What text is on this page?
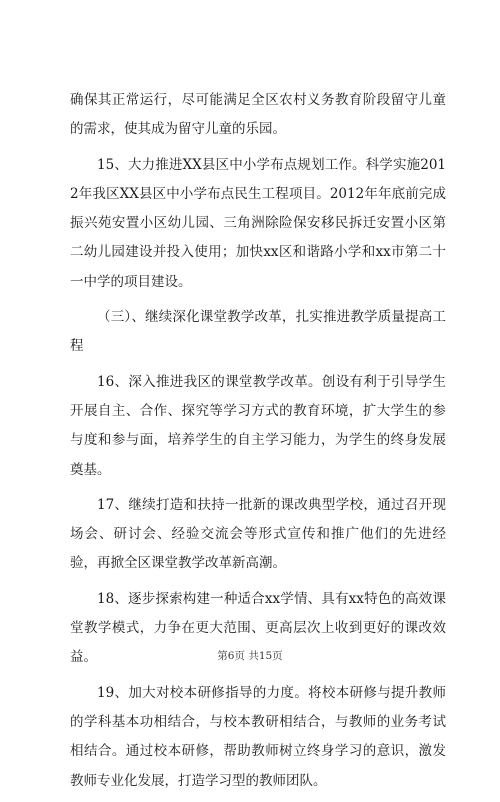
确保其正常运行，尽可能满足全区农村义务教育阶段留守儿童的需求，使其成为留守儿童的乐园。

15、大力推进XX县区中小学布点规划工作。科学实施2012年我区XX县区中小学布点民生工程项目。2012年年底前完成振兴苑安置小区幼儿园、三角洲除险保安移民拆迁安置小区第二幼儿园建设并投入使用；加快xx区和谐路小学和xx市第二十一中学的项目建设。

（三）、继续深化课堂教学改革，扎实推进教学质量提高工程

16、深入推进我区的课堂教学改革。创设有利于引导学生开展自主、合作、探究等学习方式的教育环境，扩大学生的参与度和参与面，培养学生的自主学习能力，为学生的终身发展奠基。

17、继续打造和扶持一批新的课改典型学校，通过召开现场会、研讨会、经验交流会等形式宣传和推广他们的先进经验，再掀全区课堂教学改革新高潮。

18、逐步探索构建一种适合xx学情、具有xx特色的高效课堂教学模式，力争在更大范围、更高层次上收到更好的课改效益。

19、加大对校本研修指导的力度。将校本研修与提升教师的学科基本功相结合，与校本教研相结合，与教师的业务考试相结合。通过校本研修，帮助教师树立终身学习的意识，激发教师专业化发展，打造学习型的教师团队。

第6页 共15页
